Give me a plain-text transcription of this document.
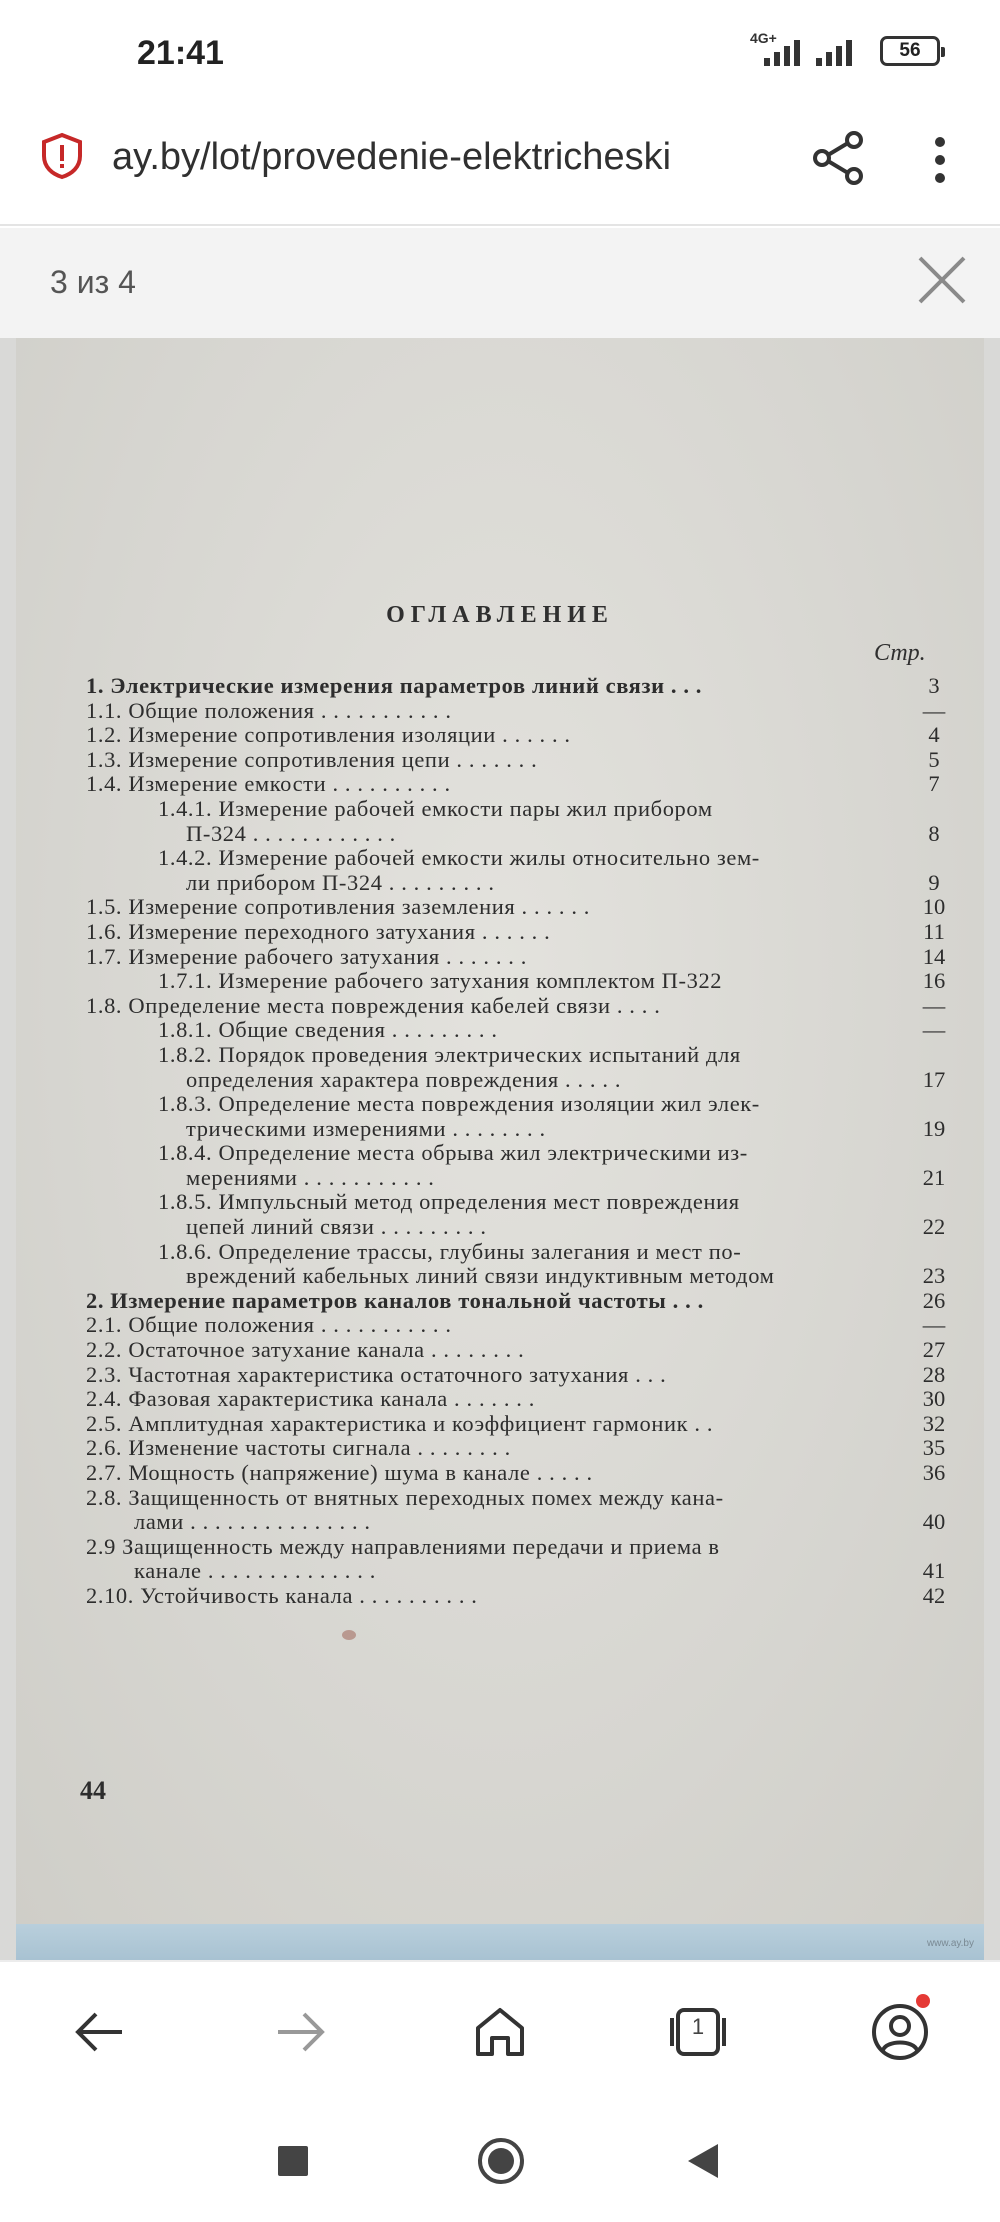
21:41	4G+
56
ay.by/lot/provedenie-elektricheski
3 из 4
ОГЛАВЛЕНИЕ
Стр.
1. Электрические измерения параметров линий связи . . .	3
1.1. Общие положения . . . . . . . . . . .	—
1.2. Измерение сопротивления изоляции . . . . . .	4
1.3. Измерение сопротивления цепи . . . . . . .	5
1.4. Измерение емкости . . . . . . . . . .	7
1.4.1. Измерение рабочей емкости пары жил прибором
П-324 . . . . . . . . . . . .	8
1.4.2. Измерение рабочей емкости жилы относительно зем-
ли прибором П-324 . . . . . . . . .	9
1.5. Измерение сопротивления заземления . . . . . .	10
1.6. Измерение переходного затухания . . . . . .	11
1.7. Измерение рабочего затухания . . . . . . .	14
1.7.1. Измерение рабочего затухания комплектом П-322	16
1.8. Определение места повреждения кабелей связи . . . .	—
1.8.1. Общие сведения . . . . . . . . .	—
1.8.2. Порядок проведения электрических испытаний для
определения характера повреждения . . . . .	17
1.8.3. Определение места повреждения изоляции жил элек-
трическими измерениями . . . . . . . .	19
1.8.4. Определение места обрыва жил электрическими из-
мерениями . . . . . . . . . . .	21
1.8.5. Импульсный метод определения мест повреждения
цепей линий связи . . . . . . . . .	22
1.8.6. Определение трассы, глубины залегания и мест по-
вреждений кабельных линий связи индуктивным методом	23
2. Измерение параметров каналов тональной частоты . . .	26
2.1. Общие положения . . . . . . . . . . .	—
2.2. Остаточное затухание канала . . . . . . . .	27
2.3. Частотная характеристика остаточного затухания . . .	28
2.4. Фазовая характеристика канала . . . . . . .	30
2.5. Амплитудная характеристика и коэффициент гармоник . .	32
2.6. Изменение частоты сигнала . . . . . . . .	35
2.7. Мощность (напряжение) шума в канале . . . . .	36
2.8. Защищенность от внятных переходных помех между кана-
лами . . . . . . . . . . . . . . .	40
2.9 Защищенность между направлениями передачи и приема в
канале . . . . . . . . . . . . . .	41
2.10. Устойчивость канала . . . . . . . . . .	42
44
www.ay.by
1
